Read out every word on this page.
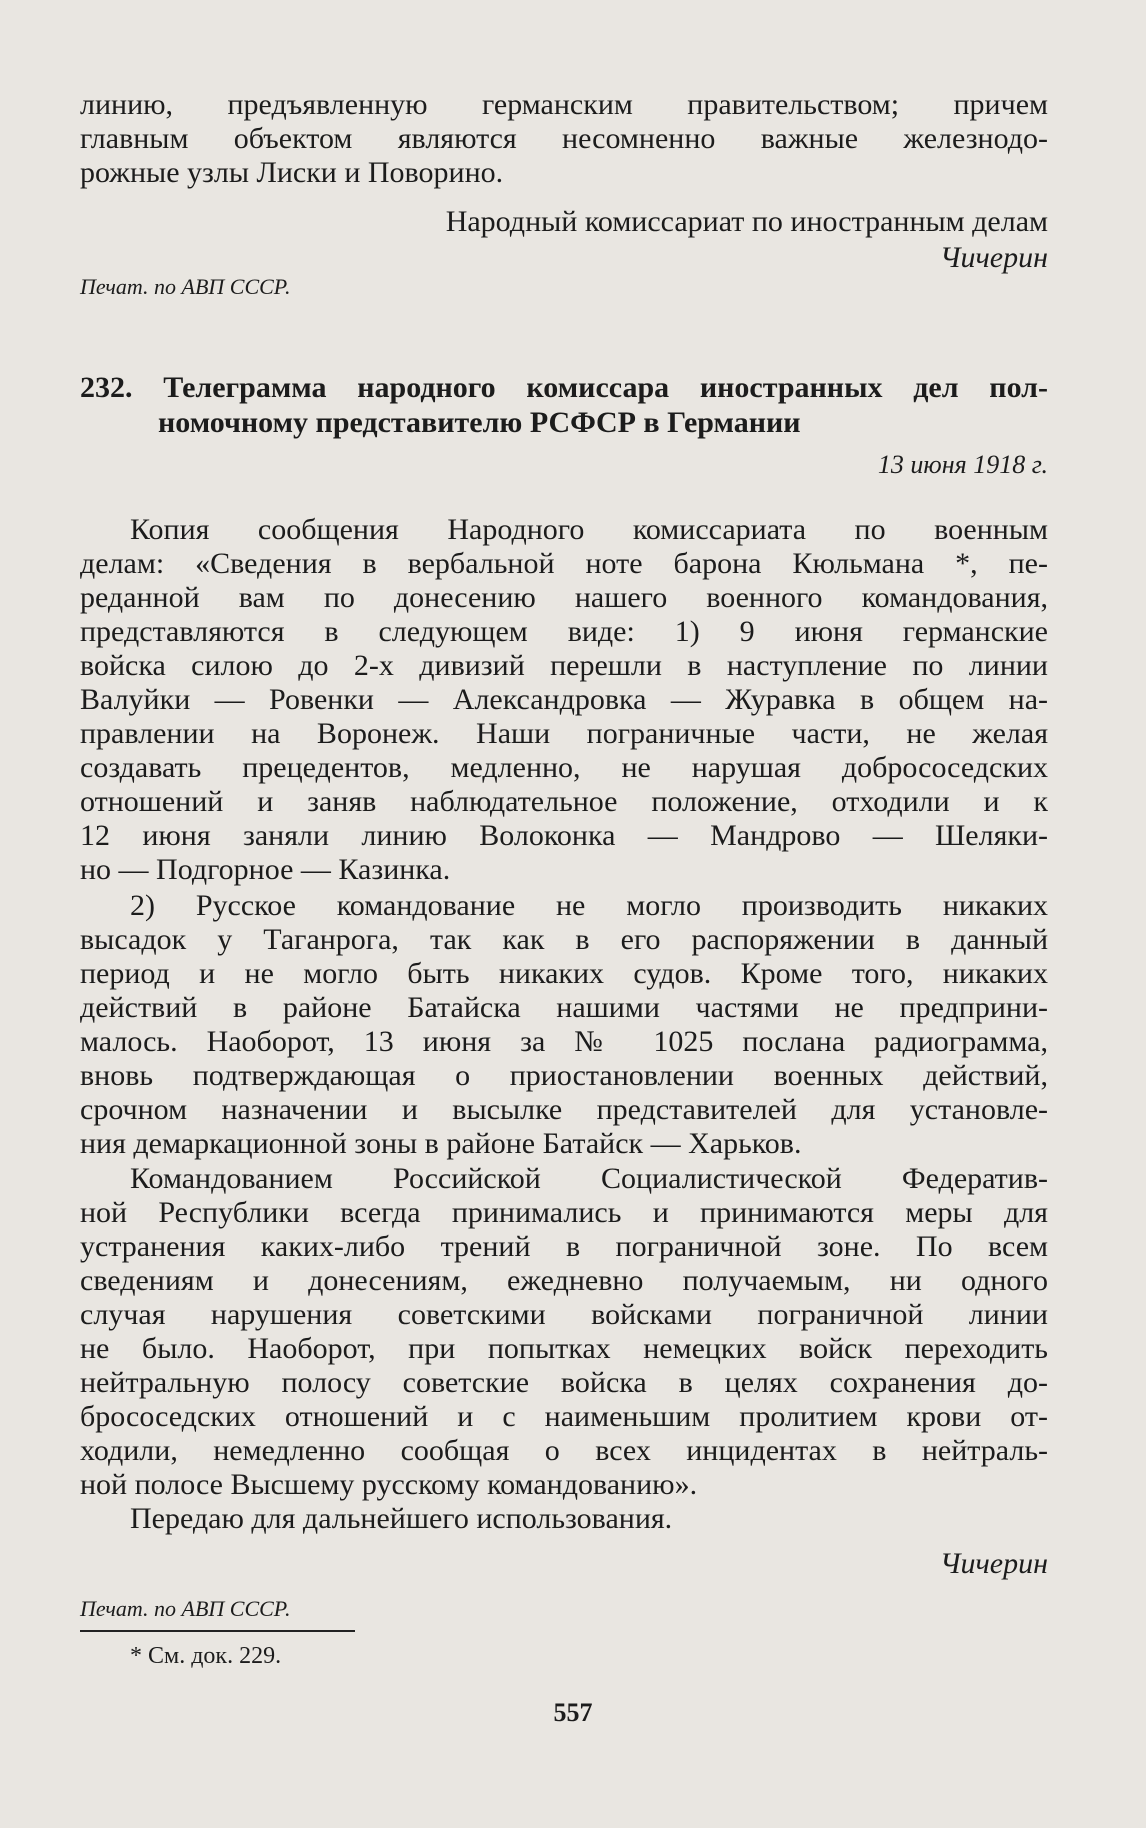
линию, предъявленную германским правительством; причем
главным объектом являются несомненно важные железнодо-
рожные узлы Лиски и Поворино.
Народный комиссариат по иностранным делам
Чичерин
Печат. по АВП СССР.
232. Телеграмма народного комиссара иностранных дел пол-
номочному представителю РСФСР в Германии
13 июня 1918 г.
Копия сообщения Народного комиссариата по военным
делам: «Сведения в вербальной ноте барона Кюльмана *, пе-
реданной вам по донесению нашего военного командования,
представляются в следующем виде: 1) 9 июня германские
войска силою до 2-х дивизий перешли в наступление по линии
Валуйки — Ровенки — Александровка — Журавка в общем на-
правлении на Воронеж. Наши пограничные части, не желая
создавать прецедентов, медленно, не нарушая добрососедских
отношений и заняв наблюдательное положение, отходили и к
12 июня заняли линию Волоконка — Мандрово — Шеляки-
но — Подгорное — Казинка.
2) Русское командование не могло производить никаких
высадок у Таганрога, так как в его распоряжении в данный
период и не могло быть никаких судов. Кроме того, никаких
действий в районе Батайска нашими частями не предприни-
малось. Наоборот, 13 июня за № 1025 послана радиограмма,
вновь подтверждающая о приостановлении военных действий,
срочном назначении и высылке представителей для установле-
ния демаркационной зоны в районе Батайск — Харьков.
Командованием Российской Социалистической Федератив-
ной Республики всегда принимались и принимаются меры для
устранения каких-либо трений в пограничной зоне. По всем
сведениям и донесениям, ежедневно получаемым, ни одного
случая нарушения советскими войсками пограничной линии
не было. Наоборот, при попытках немецких войск переходить
нейтральную полосу советские войска в целях сохранения до-
брососедских отношений и с наименьшим пролитием крови от-
ходили, немедленно сообщая о всех инцидентах в нейтраль-
ной полосе Высшему русскому командованию».
Передаю для дальнейшего использования.
Чичерин
Печат. по АВП СССР.
* См. док. 229.
557
